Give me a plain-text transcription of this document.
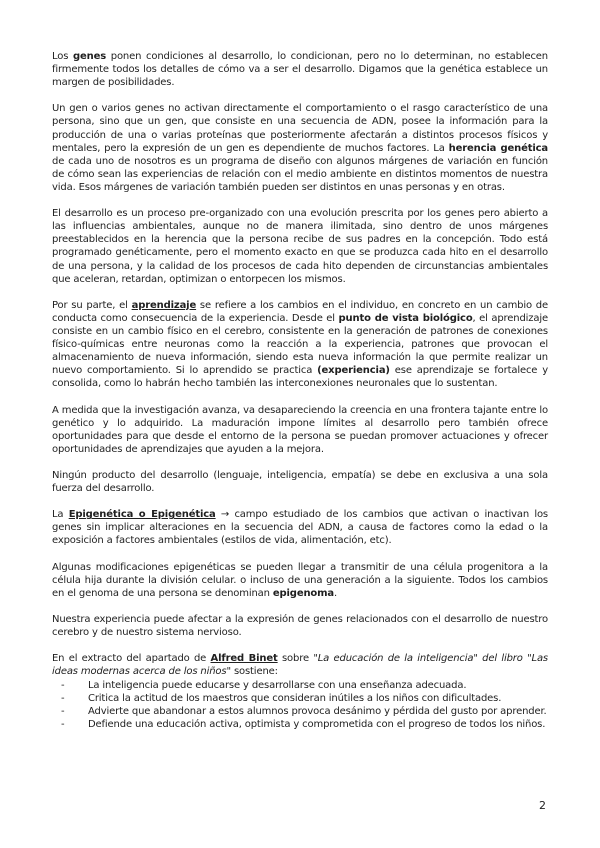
Los genes ponen condiciones al desarrollo, lo condicionan, pero no lo determinan, no establecen firmemente todos los detalles de cómo va a ser el desarrollo. Digamos que la genética establece un margen de posibilidades.

Un gen o varios genes no activan directamente el comportamiento o el rasgo característico de una persona, sino que un gen, que consiste en una secuencia de ADN, posee la información para la producción de una o varias proteínas que posteriormente afectarán a distintos procesos físicos y mentales, pero la expresión de un gen es dependiente de muchos factores. La herencia genética de cada uno de nosotros es un programa de diseño con algunos márgenes de variación en función de cómo sean las experiencias de relación con el medio ambiente en distintos momentos de nuestra vida. Esos márgenes de variación también pueden ser distintos en unas personas y en otras.

El desarrollo es un proceso pre-organizado con una evolución prescrita por los genes pero abierto a las influencias ambientales, aunque no de manera ilimitada, sino dentro de unos márgenes preestablecidos en la herencia que la persona recibe de sus padres en la concepción. Todo está programado genéticamente, pero el momento exacto en que se produzca cada hito en el desarrollo de una persona, y la calidad de los procesos de cada hito dependen de circunstancias ambientales que aceleran, retardan, optimizan o entorpecen los mismos.

Por su parte, el aprendizaje se refiere a los cambios en el individuo, en concreto en un cambio de conducta como consecuencia de la experiencia. Desde el punto de vista biológico, el aprendizaje consiste en un cambio físico en el cerebro, consistente en la generación de patrones de conexiones físico-químicas entre neuronas como la reacción a la experiencia, patrones que provocan el almacenamiento de nueva información, siendo esta nueva información la que permite realizar un nuevo comportamiento. Si lo aprendido se practica (experiencia) ese aprendizaje se fortalece y consolida, como lo habrán hecho también las interconexiones neuronales que lo sustentan.

A medida que la investigación avanza, va desapareciendo la creencia en una frontera tajante entre lo genético y lo adquirido. La maduración impone límites al desarrollo pero también ofrece oportunidades para que desde el entorno de la persona se puedan promover actuaciones y ofrecer oportunidades de aprendizajes que ayuden a la mejora.

Ningún producto del desarrollo (lenguaje, inteligencia, empatía) se debe en exclusiva a una sola fuerza del desarrollo.

La Epigenética o Epigenética → campo estudiado de los cambios que activan o inactivan los genes sin implicar alteraciones en la secuencia del ADN, a causa de factores como la edad o la exposición a factores ambientales (estilos de vida, alimentación, etc).

Algunas modificaciones epigenéticas se pueden llegar a transmitir de una célula progenitora a la célula hija durante la división celular. o incluso de una generación a la siguiente. Todos los cambios en el genoma de una persona se denominan epigenoma.

Nuestra experiencia puede afectar a la expresión de genes relacionados con el desarrollo de nuestro cerebro y de nuestro sistema nervioso.

En el extracto del apartado de Alfred Binet sobre "La educación de la inteligencia" del libro "Las ideas modernas acerca de los niños" sostiene:

- La inteligencia puede educarse y desarrollarse con una enseñanza adecuada.
- Critica la actitud de los maestros que consideran inútiles a los niños con dificultades.
- Advierte que abandonar a estos alumnos provoca desánimo y pérdida del gusto por aprender.
- Defiende una educación activa, optimista y comprometida con el progreso de todos los niños.
2
